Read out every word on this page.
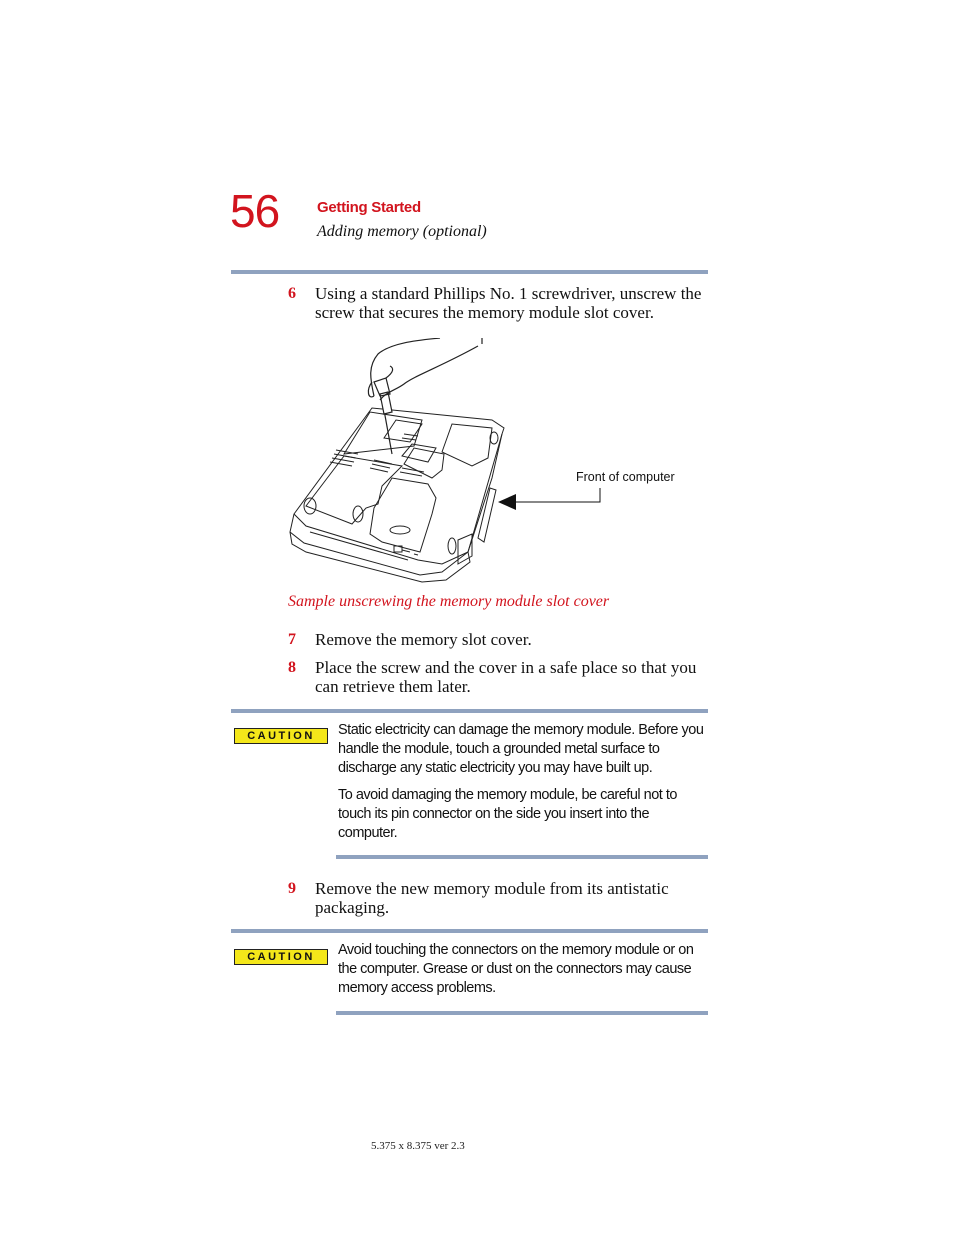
56	Getting Started
Adding memory (optional)
6 Using a standard Phillips No. 1 screwdriver, unscrew the screw that secures the memory module slot cover.
Front of computer
Sample unscrewing the memory module slot cover
7 Remove the memory slot cover.
8 Place the screw and the cover in a safe place so that you can retrieve them later.
CAUTION	Static electricity can damage the memory module. Before you handle the module, touch a grounded metal surface to discharge any static electricity you may have built up.
To avoid damaging the memory module, be careful not to touch its pin connector on the side you insert into the computer.
9 Remove the new memory module from its antistatic packaging.
CAUTION	Avoid touching the connectors on the memory module or on the computer. Grease or dust on the connectors may cause memory access problems.
5.375 x 8.375 ver 2.3
